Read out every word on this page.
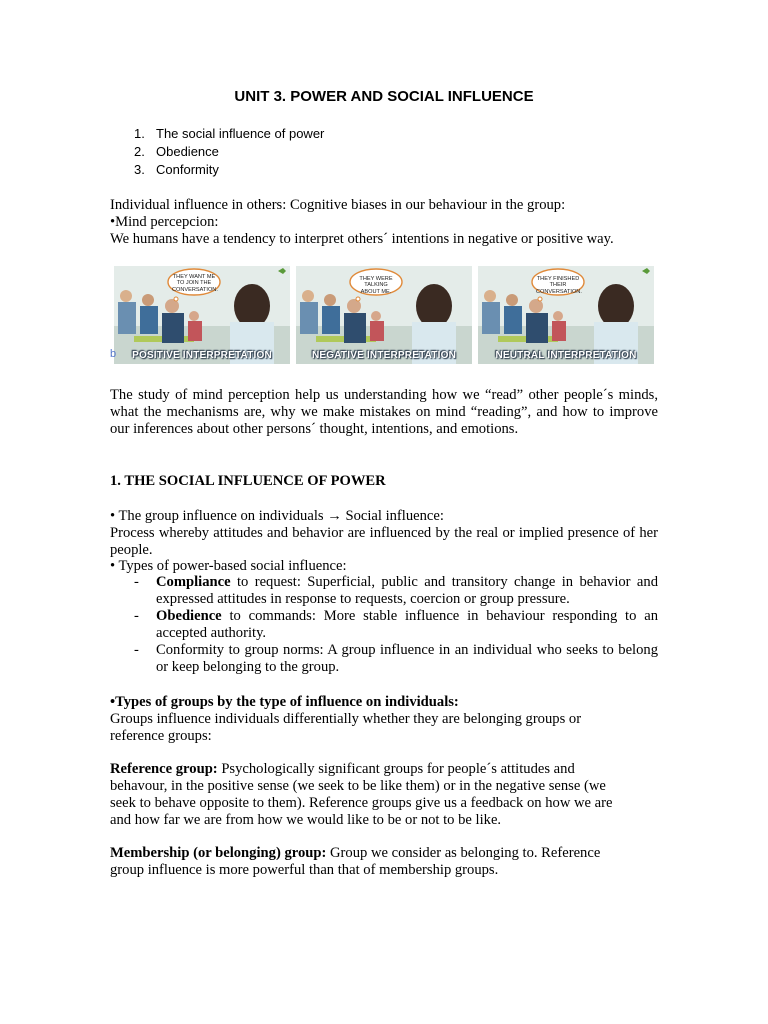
UNIT 3. POWER AND SOCIAL INFLUENCE
1. The social influence of power
2. Obedience
3. Conformity
Individual influence in others: Cognitive biases in our behaviour in the group:
•Mind percepcion:
We humans have a tendency to interpret others´ intentions in negative or positive way.
THEY WANT ME TO JOIN THE CONVERSATION.
POSITIVE INTERPRETATION
THEY WERE TALKING ABOUT ME.
NEGATIVE INTERPRETATION
THEY FINISHED THEIR CONVERSATION.
NEUTRAL INTERPRETATION
b

The study of mind perception help us understanding how we “read” other people´s minds, what the mechanisms are, why we make mistakes on mind “reading”, and how to improve our inferences about other persons´ thought, intentions, and emotions.

1. THE SOCIAL INFLUENCE OF POWER
• The group influence on individuals → Social influence:

Process whereby attitudes and behavior are influenced by the real or implied presence of her people.

• Types of power-based social influence:
- Compliance to request: Superficial, public and transitory change in behavior and expressed attitudes in response to requests, coercion or group pressure.
- Obedience to commands: More stable influence in behaviour responding to an accepted authority.
- Conformity to group norms: A group influence in an individual who seeks to belong or keep belonging to the group.
•Types of groups by the type of influence on individuals:

Groups influence individuals differentially whether they are belonging groups or reference groups:

Reference group: Psychologically significant groups for people´s attitudes and behavour, in the positive sense (we seek to be like them) or in the negative sense (we seek to behave opposite to them). Reference groups give us a feedback on how we are and how far we are from how we would like to be or not to be like.

Membership (or belonging) group: Group we consider as belonging to. Reference group influence is more powerful than that of membership groups.
